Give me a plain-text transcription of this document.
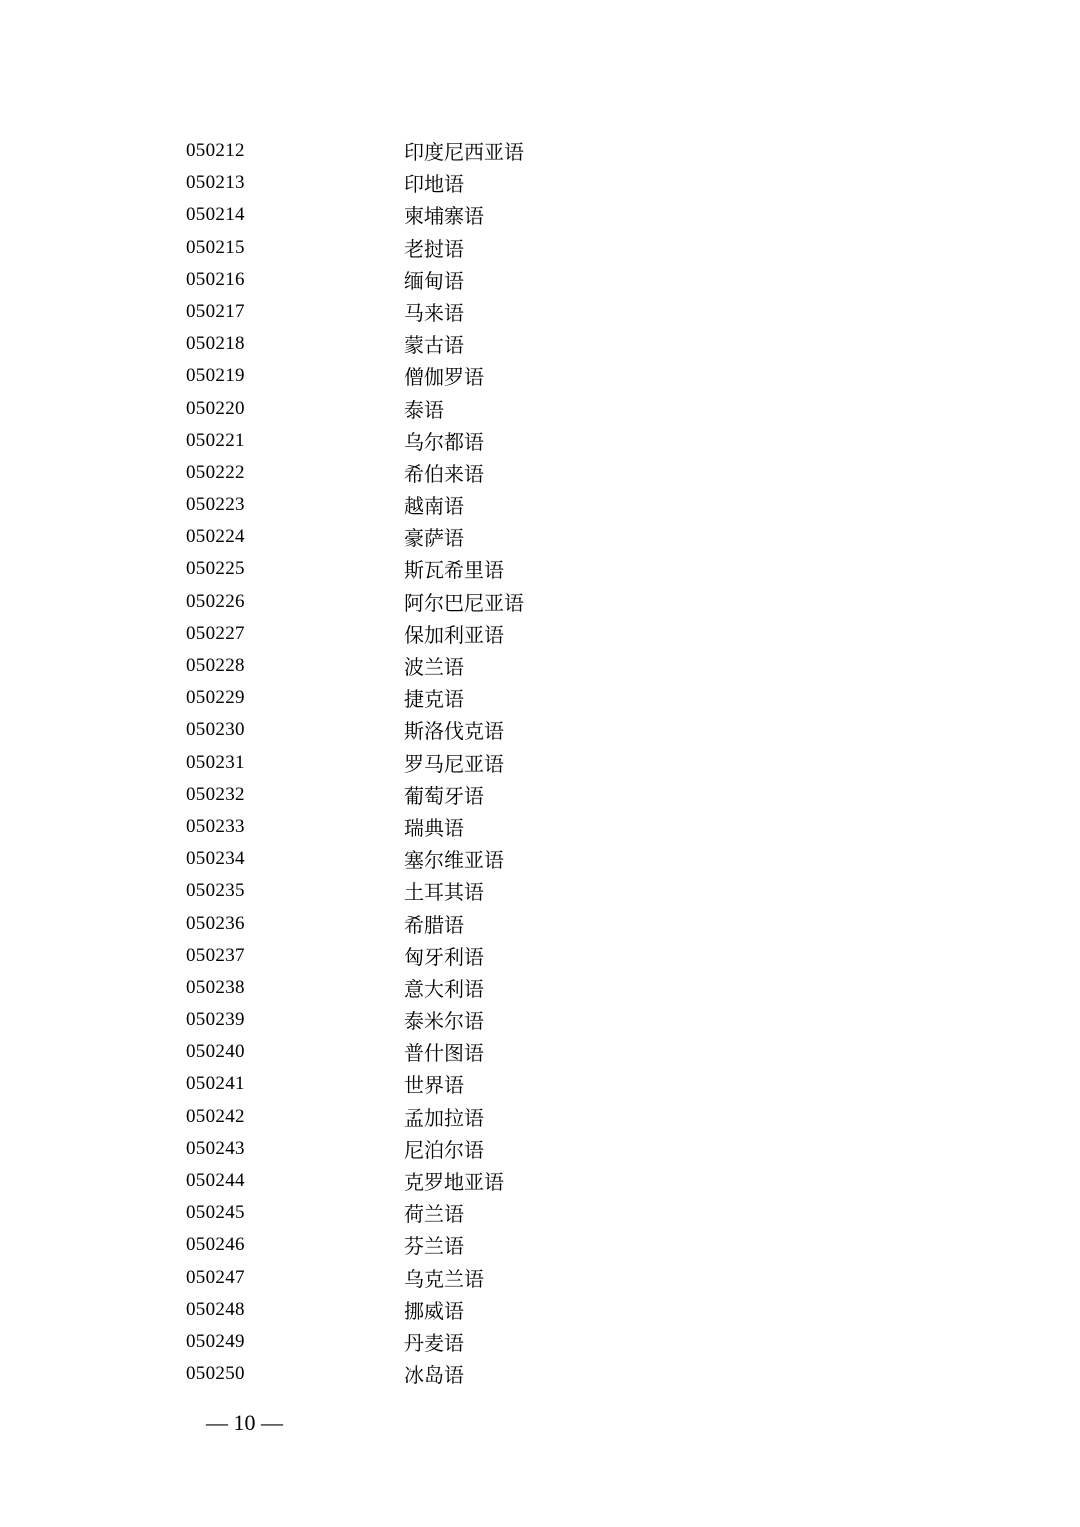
050212	印度尼西亚语
050213	印地语
050214	柬埔寨语
050215	老挝语
050216	缅甸语
050217	马来语
050218	蒙古语
050219	僧伽罗语
050220	泰语
050221	乌尔都语
050222	希伯来语
050223	越南语
050224	豪萨语
050225	斯瓦希里语
050226	阿尔巴尼亚语
050227	保加利亚语
050228	波兰语
050229	捷克语
050230	斯洛伐克语
050231	罗马尼亚语
050232	葡萄牙语
050233	瑞典语
050234	塞尔维亚语
050235	土耳其语
050236	希腊语
050237	匈牙利语
050238	意大利语
050239	泰米尔语
050240	普什图语
050241	世界语
050242	孟加拉语
050243	尼泊尔语
050244	克罗地亚语
050245	荷兰语
050246	芬兰语
050247	乌克兰语
050248	挪威语
050249	丹麦语
050250	冰岛语
— 10 —
